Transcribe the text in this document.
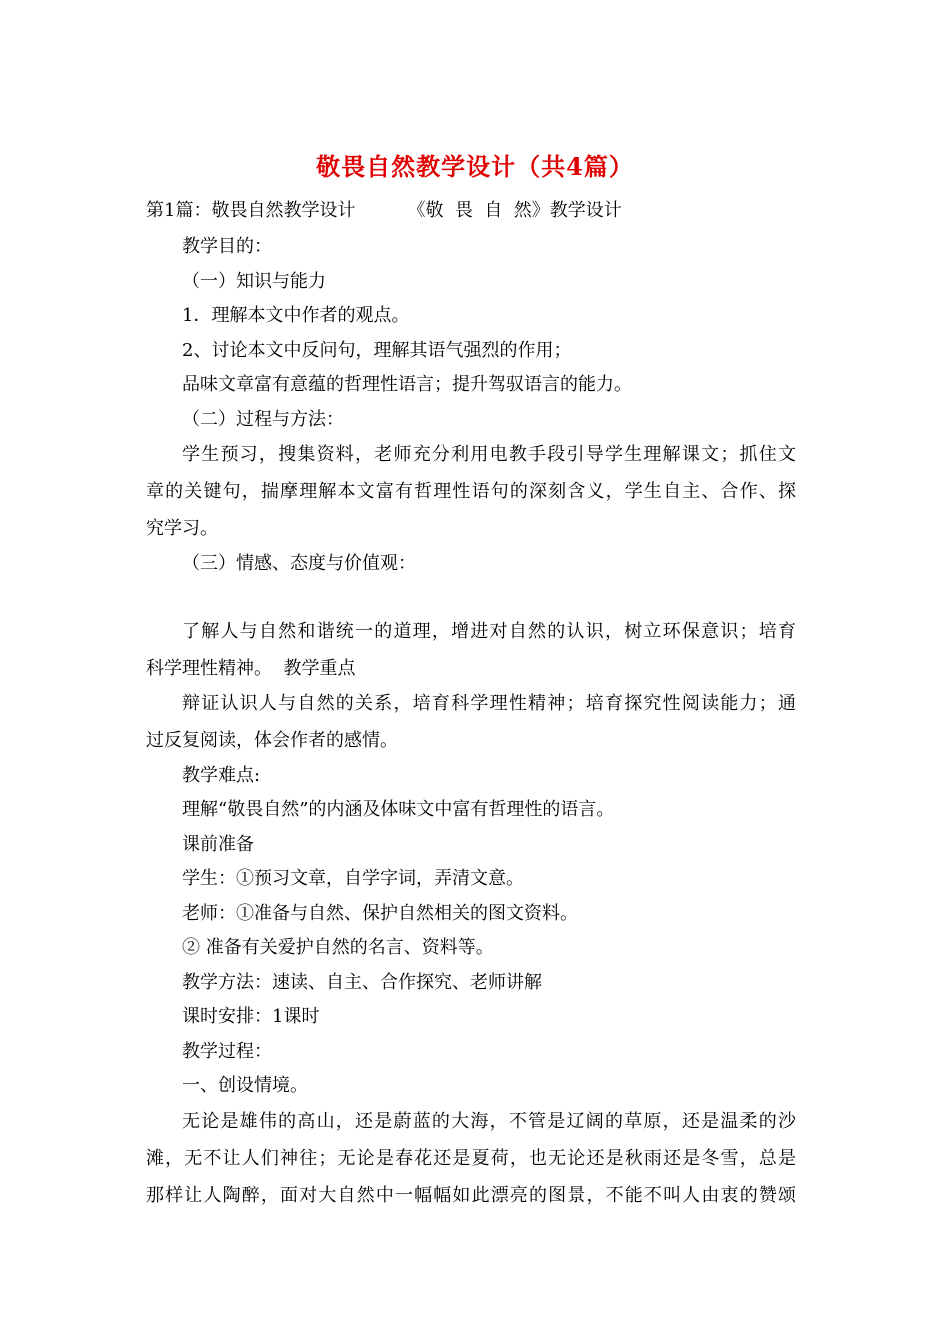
敬畏自然教学设计（共4篇）
第1篇：敬畏自然教学设计	《敬  畏  自  然》教学设计
教学目的：
（一）知识与能力
1．理解本文中作者的观点。
2、讨论本文中反问句，理解其语气强烈的作用；
品味文章富有意蕴的哲理性语言；提升驾驭语言的能力。
（二）过程与方法：
学生预习，搜集资料，老师充分利用电教手段引导学生理解课文；抓住文
章的关键句，揣摩理解本文富有哲理性语句的深刻含义，学生自主、合作、探
究学习。
（三）情感、态度与价值观：
了解人与自然和谐统一的道理，增进对自然的认识，树立环保意识；培育
科学理性精神。  教学重点
辩证认识人与自然的关系，培育科学理性精神；培育探究性阅读能力；通
过反复阅读，体会作者的感情。
教学难点:
理解“敬畏自然”的内涵及体味文中富有哲理性的语言。
课前准备
学生：①预习文章，自学字词，弄清文意。
老师：①准备与自然、保护自然相关的图文资料。
② 准备有关爱护自然的名言、资料等。
教学方法：速读、自主、合作探究、老师讲解
课时安排：1课时
教学过程：
一、创设情境。
无论是雄伟的高山，还是蔚蓝的大海，不管是辽阔的草原，还是温柔的沙
滩，无不让人们神往；无论是春花还是夏荷，也无论还是秋雨还是冬雪，总是
那样让人陶醉，面对大自然中一幅幅如此漂亮的图景，不能不叫人由衷的赞颂
